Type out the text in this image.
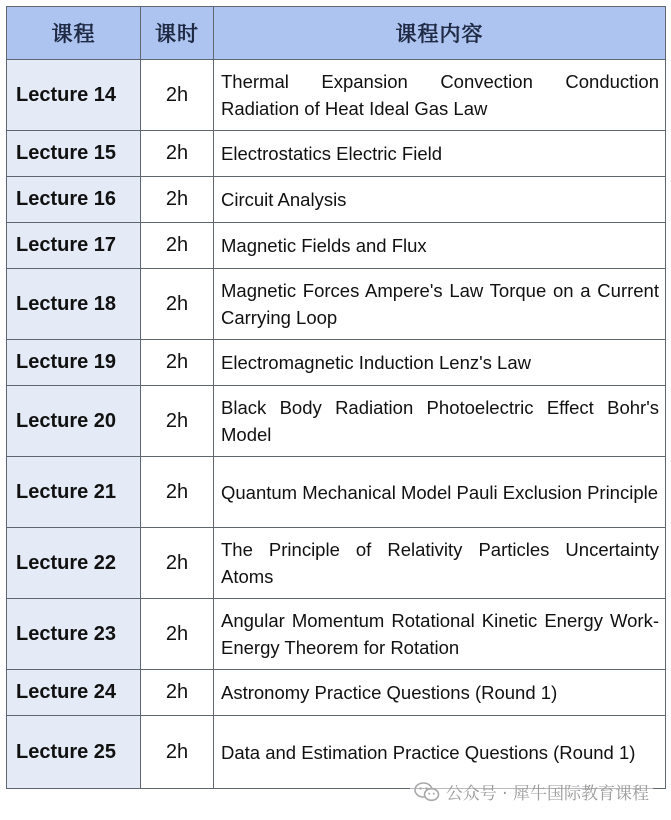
课程	课时	课程内容
Lecture 14	2h	Thermal Expansion Convection Conduction Radiation of Heat Ideal Gas Law
Lecture 15	2h	Electrostatics Electric Field
Lecture 16	2h	Circuit Analysis
Lecture 17	2h	Magnetic Fields and Flux
Lecture 18	2h	Magnetic Forces Ampere's Law Torque on a Current Carrying Loop
Lecture 19	2h	Electromagnetic Induction Lenz's Law
Lecture 20	2h	Black Body Radiation Photoelectric Effect Bohr's Model
Lecture 21	2h	Quantum Mechanical Model Pauli Exclusion Principle
Lecture 22	2h	The Principle of Relativity Particles Uncertainty Atoms
Lecture 23	2h	Angular Momentum Rotational Kinetic Energy Work-Energy Theorem for Rotation
Lecture 24	2h	Astronomy Practice Questions (Round 1)
Lecture 25	2h	Data and Estimation Practice Questions (Round 1)
公众号 · 犀牛国际教育课程
